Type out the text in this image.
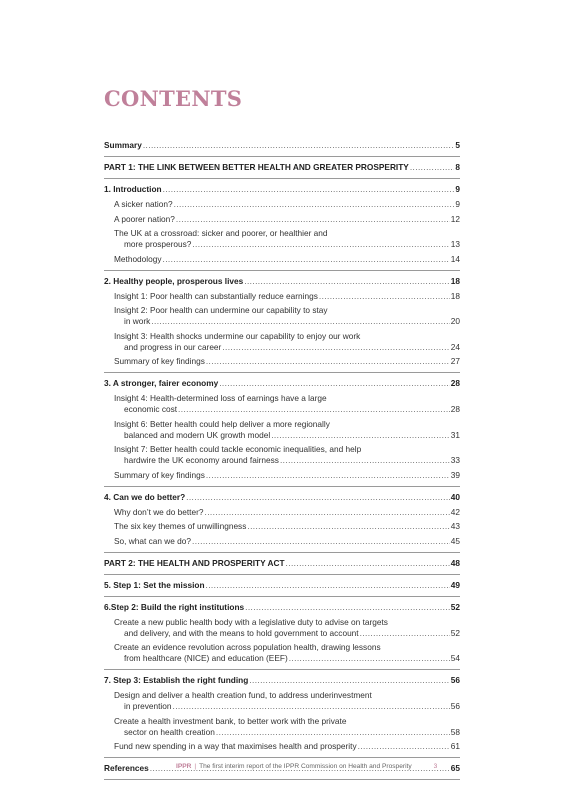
CONTENTS
Summary .....	5
PART 1: THE LINK BETWEEN BETTER HEALTH AND GREATER PROSPERITY .....	8
1. Introduction .....	9
A sicker nation? .....	9
A poorer nation? .....	12
The UK at a crossroad: sicker and poorer, or healthier and
more prosperous? .....	13
Methodology .....	14
2. Healthy people, prosperous lives .....	18
Insight 1: Poor health can substantially reduce earnings .....	18
Insight 2: Poor health can undermine our capability to stay
in work .....	20
Insight 3: Health shocks undermine our capability to enjoy our work
and progress in our career .....	24
Summary of key findings .....	27
3. A stronger, fairer economy .....	28
Insight 4: Health-determined loss of earnings have a large
economic cost .....	28
Insight 6: Better health could help deliver a more regionally
balanced and modern UK growth model .....	31
Insight 7: Better health could tackle economic inequalities, and help
hardwire the UK economy around fairness .....	33
Summary of key findings .....	39
4. Can we do better? .....	40
Why don’t we do better? .....	42
The six key themes of unwillingness .....	43
So, what can we do? .....	45
PART 2: THE HEALTH AND PROSPERITY ACT .....	48
5. Step 1: Set the mission .....	49
6.Step 2: Build the right institutions .....	52
Create a new public health body with a legislative duty to advise on targets
and delivery, and with the means to hold government to account .....	52
Create an evidence revolution across population health, drawing lessons
from healthcare (NICE) and education (EEF) .....	54
7. Step 3: Establish the right funding .....	56
Design and deliver a health creation fund, to address underinvestment
in prevention .....	56
Create a health investment bank, to better work with the private
sector on health creation .....	58
Fund new spending in a way that maximises health and prosperity .....	61
References .....	65
IPPR | The first interim report of the IPPR Commission on Health and Prosperity	3
